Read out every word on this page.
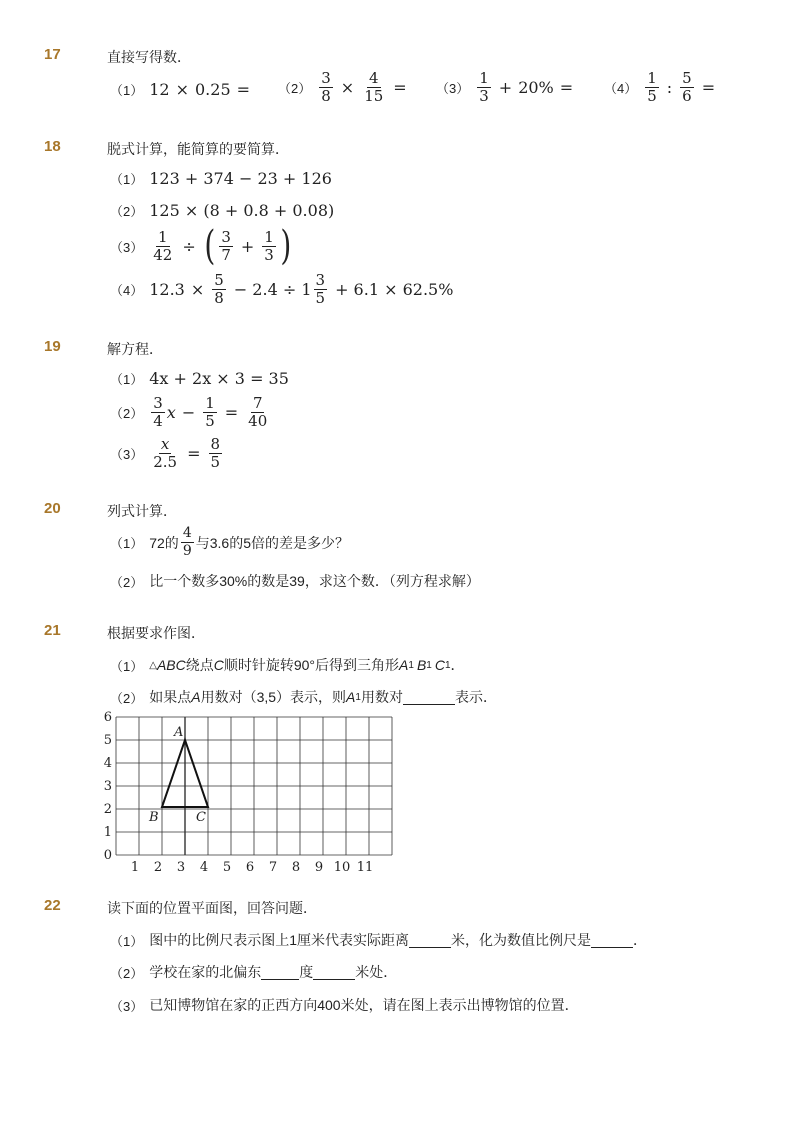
17	直接写得数．
（1） $12 \times 0.25 = (2) \frac{3}{8} \times \frac{4}{15} = (3) \frac{1}{3} + 20\% = (4) \frac{1}{5}$ : $\frac{5}{6}$ =
18	脱式计算，能简算的要简算．
（1） 123 + 374 − 23 + 126
（2） 125 × (8 + 0.8 + 0.08)
$(3) \frac{1}{42}$ ÷ ( $\frac{3}{7} + \frac{1}{3}$ )
（4） $12.3 \times \frac{5}{8} - 2.4 \div 1 \frac{3}{5} + 6.1 \times 62.5\%$
19	解方程．
（1） 4x + 2x × 3 = 35
$(2) \frac{3}{4}$ $x - \frac{1}{5} = \frac{7}{40}$
$(3) \frac{x}{2.5} = \frac{8}{5}$
20	列式计算．
（1） 72的 $\frac{4}{9}$ 与3.6的5倍的差是多少？
（2） 比一个数多30%的数是39，求这个数．（列方程求解）
21	根据要求作图．
（1） △ ABC 绕点 C 顺时针旋转90°后得到三角形 A 1 B 1 C 1 ．
（2） 如果点 A 用数对（3,5）表示，则 A 1 用数对	表示．
1 2 3 4 5 6 7 8 9 10 11
0
1
2
3
4
5
6
A
B	C
22	读下面的位置平面图，回答问题．
（1） 图中的比例尺表示图上1厘米代表实际距离	米，化为数值比例尺是	．
（2） 学校在家的北偏东	度	米处．
（3） 已知博物馆在家的正西方向400米处，请在图上表示出博物馆的位置．
